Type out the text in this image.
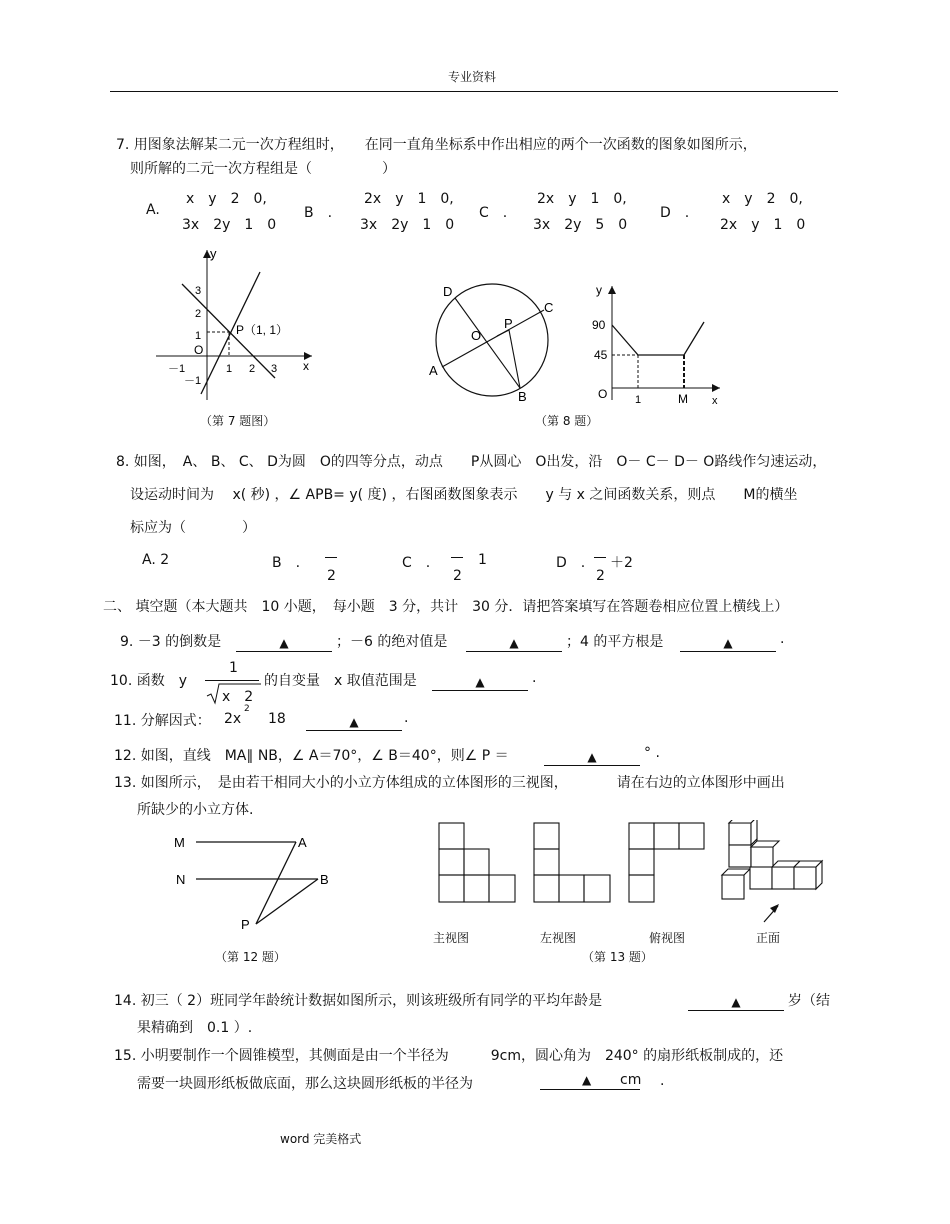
专业资料
7. 用图象法解某二元一次方程组时，　　在同一直角坐标系中作出相应的两个一次函数的图象如图所示，
则所解的二元一次方程组是（　　　　　）
A.
x　y　2　0,
3x　2y　1　0
B　.
2x　y　1　0,
3x　2y　1　0
C　.
2x　y　1　0,
3x　2y　5　0
D　.
x　y　2　0,
2x　y　1　0
y
x
3
2
1
O
－1
－1	1 2 3
P（1, 1）
（第 7 题图）
D
C
O
P
A
B
y
x
90
45
O	1	M
（第 8 题）
8. 如图，　A、 B、 C、 D为圆　O的四等分点，动点　　P从圆心　O出发，沿　O－ C－ D－ O路线作匀速运动，
设运动时间为　 x( 秒) ，∠ APB= y( 度) ，右图函数图象表示　　y 与 x 之间函数关系，则点　　M的横坐
标应为（　　　　）
A. 2	B　.
2
C　.
2
1	D　.
2
＋2
二、 填空题（本大题共　10 小题，　每小题　3 分，共计　30 分．请把答案填写在答题卷相应位置上横线上）
9. －3 的倒数是	▲	；－6 的绝对值是	▲	；4 的平方根是	▲	.
10. 函数　y
1
x　2
的自变量　x 取值范围是	▲	.
11. 分解因式： 2x
2
18	▲	.
12. 如图，直线　MA∥ NB，∠ A＝70°，∠ B＝40°，则∠ P ＝	▲	° .
13. 如图所示，　是由若干相同大小的小立方体组成的立体图形的三视图，　　　　请在右边的立体图形中画出
所缺少的小立方体.
M	A
N	B
P
（第 12 题）
主视图	左视图	俯视图	正面
（第 13 题）
14. 初三（ 2）班同学年龄统计数据如图所示，则该班级所有同学的平均年龄是	▲	岁（结
果精确到　0.1 ）.
15. 小明要制作一个圆锥模型，其侧面是由一个半径为　　　9cm，圆心角为　240° 的扇形纸板制成的，还
需要一块圆形纸板做底面，那么这块圆形纸板的半径为	▲ cm .
word 完美格式
